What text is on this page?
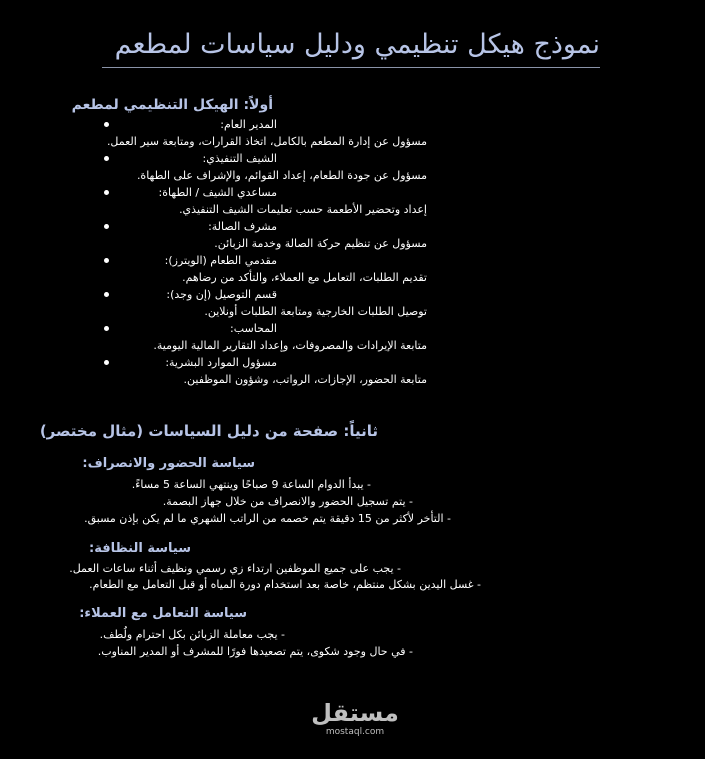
نموذج هيكل تنظيمي ودليل سياسات لمطعم
أولاً: الهيكل التنظيمي لمطعم
المدير العام:
مسؤول عن إدارة المطعم بالكامل، اتخاذ القرارات، ومتابعة سير العمل.
الشيف التنفيذي:
مسؤول عن جودة الطعام، إعداد القوائم، والإشراف على الطهاة.
مساعدي الشيف / الطهاة:
إعداد وتحضير الأطعمة حسب تعليمات الشيف التنفيذي.
مشرف الصالة:
مسؤول عن تنظيم حركة الصالة وخدمة الزبائن.
مقدمي الطعام (الويترز):
تقديم الطلبات، التعامل مع العملاء، والتأكد من رضاهم.
قسم التوصيل (إن وجد):
توصيل الطلبات الخارجية ومتابعة الطلبات أونلاين.
المحاسب:
متابعة الإيرادات والمصروفات، وإعداد التقارير المالية اليومية.
مسؤول الموارد البشرية:
متابعة الحضور، الإجازات، الرواتب، وشؤون الموظفين.
ثانياً: صفحة من دليل السياسات (مثال مختصر)
سياسة الحضور والانصراف:
- يبدأ الدوام الساعة 9 صباحًا وينتهي الساعة 5 مساءً.
- يتم تسجيل الحضور والانصراف من خلال جهاز البصمة.
- التأخر لأكثر من 15 دقيقة يتم خصمه من الراتب الشهري ما لم يكن بإذن مسبق.
سياسة النظافة:
- يجب على جميع الموظفين ارتداء زي رسمي ونظيف أثناء ساعات العمل.
- غسل اليدين بشكل منتظم، خاصة بعد استخدام دورة المياه أو قبل التعامل مع الطعام.
سياسة التعامل مع العملاء:
- يجب معاملة الزبائن بكل احترام ولُطف.
- في حال وجود شكوى، يتم تصعيدها فورًا للمشرف أو المدير المناوب.
مستقل
mostaql.com
